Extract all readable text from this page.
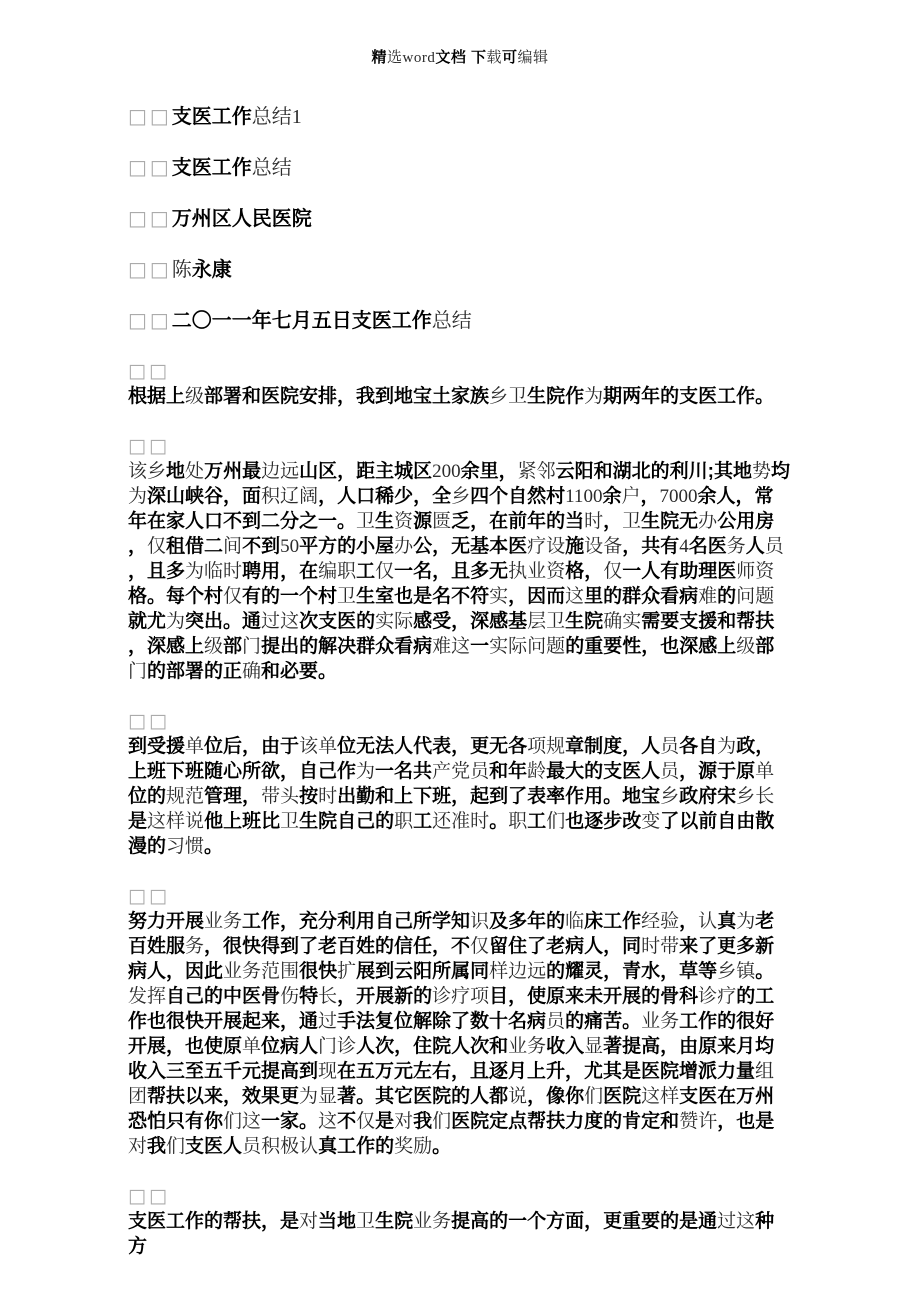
精选word文档 下载可编辑
□□支医工作总结1
□□支医工作总结
□□万州区人民医院
□□陈永康
□□二〇一一年七月五日支医工作总结
□□
根据上级部署和医院安排，我到地宝土家族乡卫生院作为期两年的支医工作。
□□
该乡地处万州最边远山区，距主城区200余里，紧邻云阳和湖北的利川;其地势均为深山峡谷，面积辽阔，人口稀少，全乡四个自然村1100余户，7000余人，常年在家人口不到二分之一。卫生资源匮乏，在前年的当时，卫生院无办公用房，仅租借二间不到50平方的小屋办公，无基本医疗设施设备，共有4名医务人员，且多为临时聘用，在编职工仅一名，且多无执业资格，仅一人有助理医师资格。每个村仅有的一个村卫生室也是名不符实，因而这里的群众看病难的问题就尤为突出。通过这次支医的实际感受，深感基层卫生院确实需要支援和帮扶，深感上级部门提出的解决群众看病难这一实际问题的重要性，也深感上级部门的部署的正确和必要。
□□
到受援单位后，由于该单位无法人代表，更无各项规章制度，人员各自为政，上班下班随心所欲，自己作为一名共产党员和年龄最大的支医人员，源于原单位的规范管理，带头按时出勤和上下班，起到了表率作用。地宝乡政府宋乡长是这样说他上班比卫生院自己的职工还准时。职工们也逐步改变了以前自由散漫的习惯。
□□
努力开展业务工作，充分利用自己所学知识及多年的临床工作经验，认真为老百姓服务，很快得到了老百姓的信任，不仅留住了老病人，同时带来了更多新病人，因此业务范围很快扩展到云阳所属同样边远的耀灵，青水，草等乡镇。发挥自己的中医骨伤特长，开展新的诊疗项目，使原来未开展的骨科诊疗的工作也很快开展起来，通过手法复位解除了数十名病员的痛苦。业务工作的很好开展，也使原单位病人门诊人次，住院人次和业务收入显著提高，由原来月均收入三至五千元提高到现在五万元左右，且逐月上升，尤其是医院增派力量组团帮扶以来，效果更为显著。其它医院的人都说，像你们医院这样支医在万州恐怕只有你们这一家。这不仅是对我们医院定点帮扶力度的肯定和赞许，也是对我们支医人员积极认真工作的奖励。
□□
支医工作的帮扶，是对当地卫生院业务提高的一个方面，更重要的是通过这种方
